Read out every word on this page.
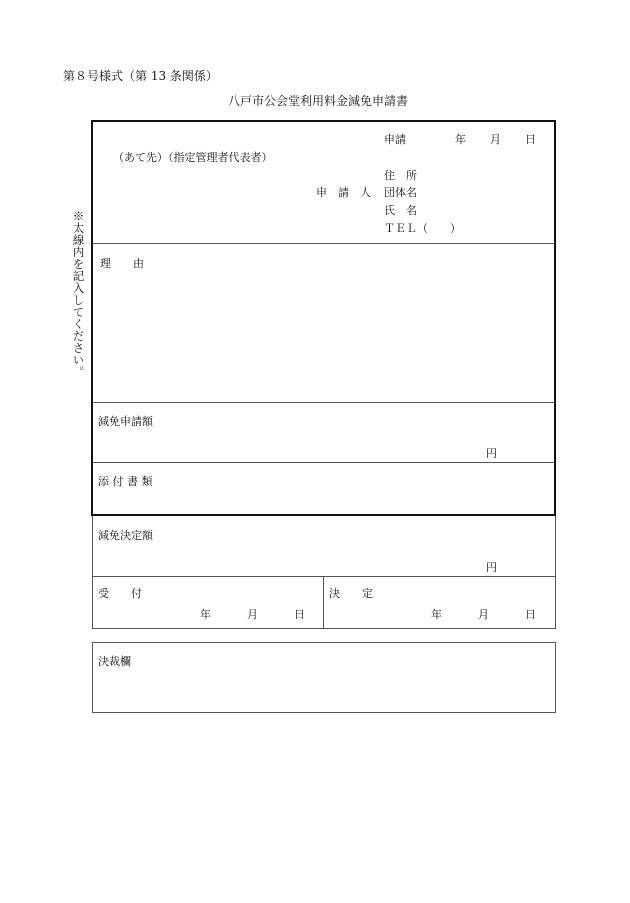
第８号様式（第 13 条関係）
八戸市公会堂利用料金減免申請書
※太線内を記入してください。
申請	年 月 日
（あて先）（指定管理者代表者）
住　所
申　請　人 団体名
氏　名
ＴＥＬ（　　）
理　　由
減免申請額
円
添 付 書 類
減免決定額
円
受　　付
年	月	日
決　　定
年	月	日
決裁欄
